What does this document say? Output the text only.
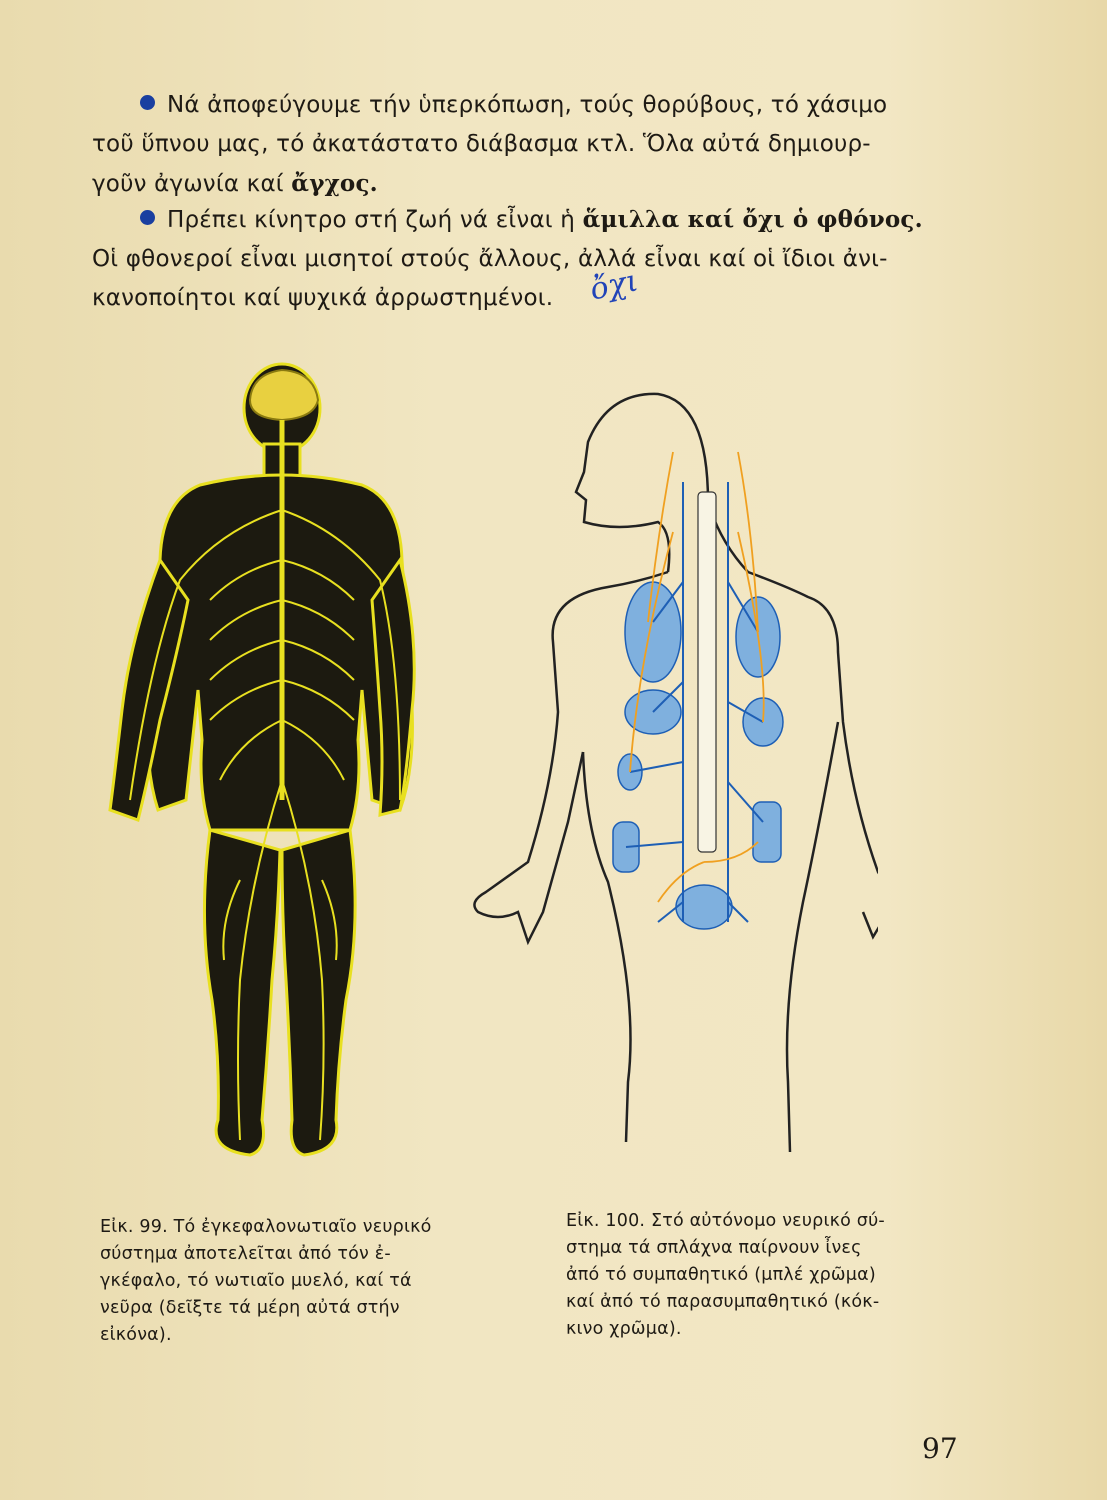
Νά ἀποφεύγουμε τήν ὑπερκόπωση, τούς θορύβους, τό χάσιμο
τοῦ ὕπνου μας, τό ἀκατάστατο διάβασμα κτλ. Ὅλα αὐτά δημιουρ-
γοῦν ἀγωνία καί ἄγχος.
Πρέπει κίνητρο στή ζωή νά εἶναι ἡ ἅμιλλα καί ὄχι ὁ φθόνος.
Οἱ φθονεροί εἶναι μισητοί στούς ἄλλους, ἀλλά εἶναι καί οἱ ἴδιοι ἀνι-
κανοποίητοι καί ψυχικά ἀρρωστημένοι.	ὄχι
Εἰκ. 99. Τό ἐγκεφαλονωτιαῖο νευρικό
σύστημα ἀποτελεῖται ἀπό τόν ἐ-
γκέφαλο, τό νωτιαῖο μυελό, καί τά
νεῦρα (δεῖξτε τά μέρη αὐτά στήν
εἰκόνα).
Εἰκ. 100. Στό αὐτόνομο νευρικό σύ-
στημα τά σπλάχνα παίρνουν ἶνες
ἀπό τό συμπαθητικό (μπλέ χρῶμα)
καί ἀπό τό παρασυμπαθητικό (κόκ-
κινο χρῶμα).
97
